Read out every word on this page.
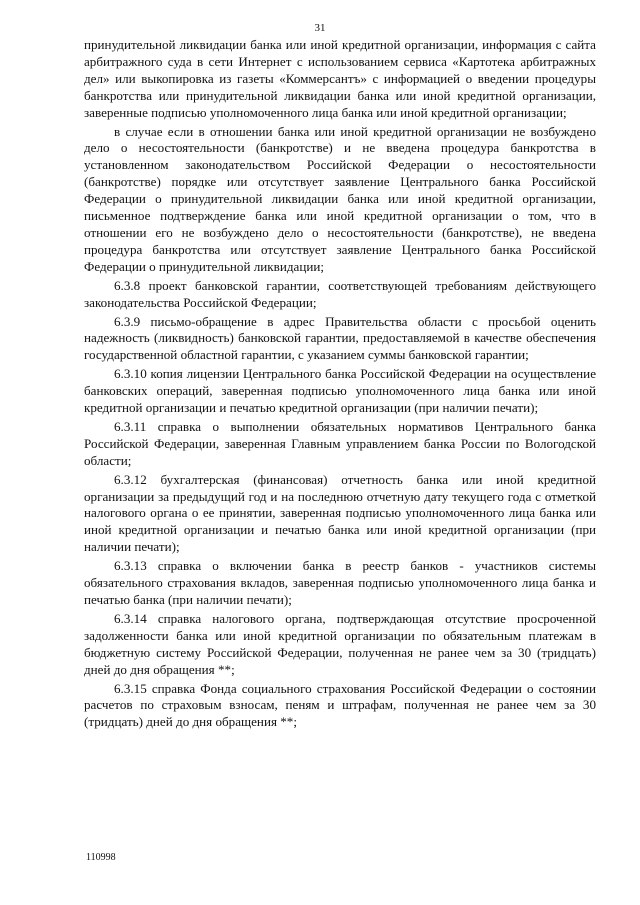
31

принудительной ликвидации банка или иной кредитной организации, информация с сайта арбитражного суда в сети Интернет с использованием сервиса «Картотека арбитражных дел» или выкопировка из газеты «Коммерсантъ» с информацией о введении процедуры банкротства или принудительной ликвидации банка или иной кредитной организации, заверенные подписью уполномоченного лица банка или иной кредитной организации;

в случае если в отношении банка или иной кредитной организации не возбуждено дело о несостоятельности (банкротстве) и не введена процедура банкротства в установленном законодательством Российской Федерации о несостоятельности (банкротстве) порядке или отсутствует заявление Центрального банка Российской Федерации о принудительной ликвидации банка или иной кредитной организации, письменное подтверждение банка или иной кредитной организации о том, что в отношении его не возбуждено дело о несостоятельности (банкротстве), не введена процедура банкротства или отсутствует заявление Центрального банка Российской Федерации о принудительной ликвидации;

6.3.8 проект банковской гарантии, соответствующей требованиям действующего законодательства Российской Федерации;

6.3.9 письмо-обращение в адрес Правительства области с просьбой оценить надежность (ликвидность) банковской гарантии, предоставляемой в качестве обеспечения государственной областной гарантии, с указанием суммы банковской гарантии;

6.3.10 копия лицензии Центрального банка Российской Федерации на осуществление банковских операций, заверенная подписью уполномоченного лица банка или иной кредитной организации и печатью кредитной организации (при наличии печати);

6.3.11 справка о выполнении обязательных нормативов Центрального банка Российской Федерации, заверенная Главным управлением банка России по Вологодской области;

6.3.12 бухгалтерская (финансовая) отчетность банка или иной кредитной организации за предыдущий год и на последнюю отчетную дату текущего года с отметкой налогового органа о ее принятии, заверенная подписью уполномоченного лица банка или иной кредитной организации и печатью банка или иной кредитной организации (при наличии печати);

6.3.13 справка о включении банка в реестр банков - участников системы обязательного страхования вкладов, заверенная подписью уполномоченного лица банка и печатью банка (при наличии печати);

6.3.14 справка налогового органа, подтверждающая отсутствие просроченной задолженности банка или иной кредитной организации по обязательным платежам в бюджетную систему Российской Федерации, полученная не ранее чем за 30 (тридцать) дней до дня обращения **;

6.3.15 справка Фонда социального страхования Российской Федерации о состоянии расчетов по страховым взносам, пеням и штрафам, полученная не ранее чем за 30 (тридцать) дней до дня обращения **;

110998
